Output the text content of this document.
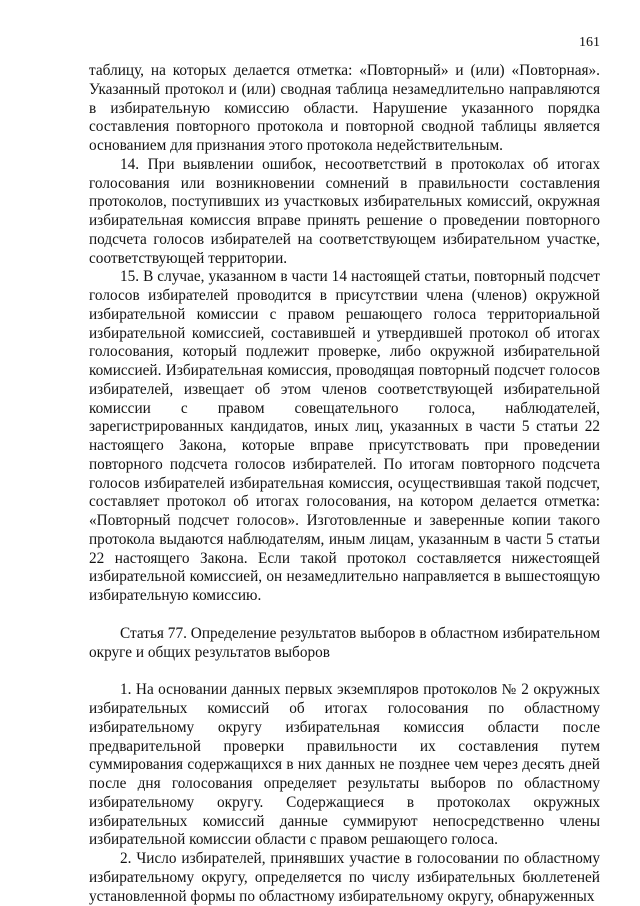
161

таблицу, на которых делается отметка: «Повторный» и (или) «Повторная». Указанный протокол и (или) сводная таблица незамедлительно направляются в избирательную комиссию области. Нарушение указанного порядка составления повторного протокола и повторной сводной таблицы является основанием для признания этого протокола недействительным.

14. При выявлении ошибок, несоответствий в протоколах об итогах голосования или возникновении сомнений в правильности составления протоколов, поступивших из участковых избирательных комиссий, окружная избирательная комиссия вправе принять решение о проведении повторного подсчета голосов избирателей на соответствующем избирательном участке, соответствующей территории.

15. В случае, указанном в части 14 настоящей статьи, повторный подсчет голосов избирателей проводится в присутствии члена (членов) окружной избирательной комиссии с правом решающего голоса территориальной избирательной комиссией, составившей и утвердившей протокол об итогах голосования, который подлежит проверке, либо окружной избирательной комиссией. Избирательная комиссия, проводящая повторный подсчет голосов избирателей, извещает об этом членов соответствующей избирательной комиссии с правом совещательного голоса, наблюдателей, зарегистрированных кандидатов, иных лиц, указанных в части 5 статьи 22 настоящего Закона, которые вправе присутствовать при проведении повторного подсчета голосов избирателей. По итогам повторного подсчета голосов избирателей избирательная комиссия, осуществившая такой подсчет, составляет протокол об итогах голосования, на котором делается отметка: «Повторный подсчет голосов». Изготовленные и заверенные копии такого протокола выдаются наблюдателям, иным лицам, указанным в части 5 статьи 22 настоящего Закона. Если такой протокол составляется нижестоящей избирательной комиссией, он незамедлительно направляется в вышестоящую избирательную комиссию.

Статья 77. Определение результатов выборов в областном избирательном округе и общих результатов выборов

1. На основании данных первых экземпляров протоколов № 2 окружных избирательных комиссий об итогах голосования по областному избирательному округу избирательная комиссия области после предварительной проверки правильности их составления путем суммирования содержащихся в них данных не позднее чем через десять дней после дня голосования определяет результаты выборов по областному избирательному округу. Содержащиеся в протоколах окружных избирательных комиссий данные суммируют непосредственно члены избирательной комиссии области с правом решающего голоса.

2. Число избирателей, принявших участие в голосовании по областному избирательному округу, определяется по числу избирательных бюллетеней установленной формы по областному избирательному округу, обнаруженных
